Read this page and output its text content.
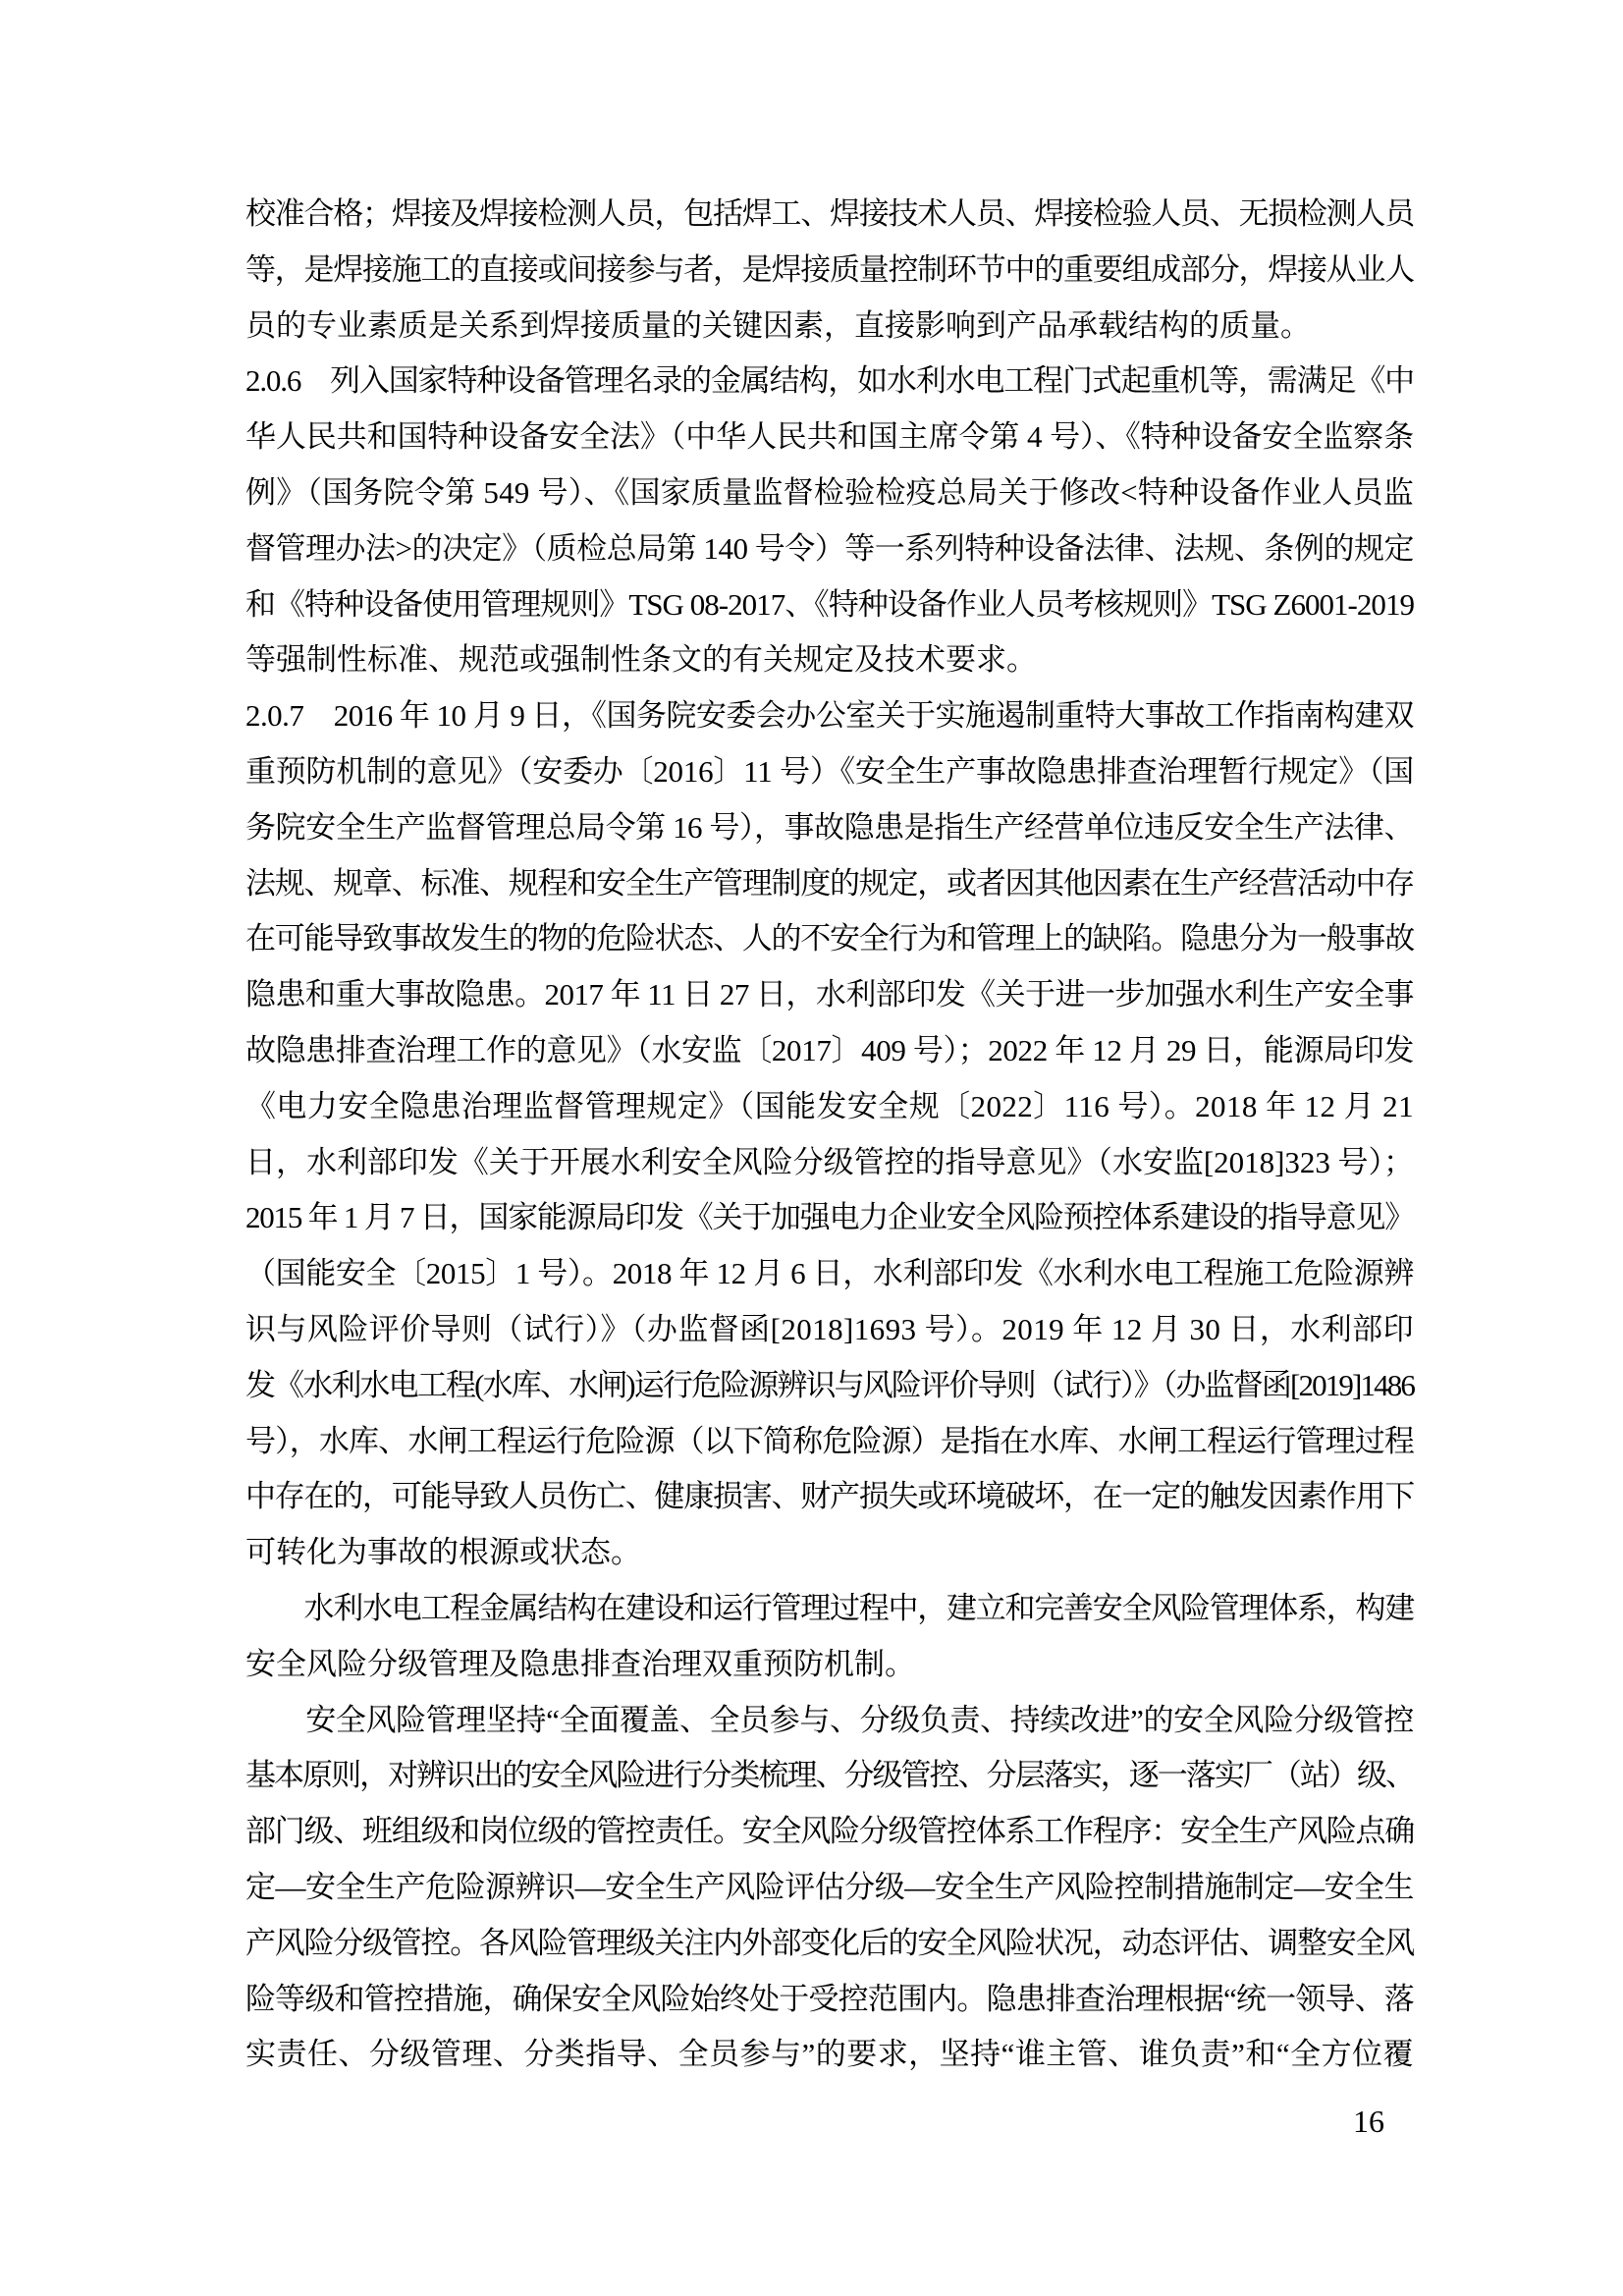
校准合格；焊接及焊接检测人员，包括焊工、焊接技术人员、焊接检验人员、无损检测人员
等，是焊接施工的直接或间接参与者，是焊接质量控制环节中的重要组成部分，焊接从业人
员的专业素质是关系到焊接质量的关键因素，直接影响到产品承载结构的质量。
2.0.6　列入国家特种设备管理名录的金属结构，如水利水电工程门式起重机等，需满足《中
华人民共和国特种设备安全法》（中华人民共和国主席令第 4 号）、《特种设备安全监察条
例》（国务院令第 549 号）、《国家质量监督检验检疫总局关于修改<特种设备作业人员监
督管理办法>的决定》（质检总局第 140 号令）等一系列特种设备法律、法规、条例的规定
和《特种设备使用管理规则》TSG 08-2017、《特种设备作业人员考核规则》TSG Z6001-2019
等强制性标准、规范或强制性条文的有关规定及技术要求。
2.0.7　2016 年 10 月 9 日，《国务院安委会办公室关于实施遏制重特大事故工作指南构建双
重预防机制的意见》（安委办〔2016〕11 号）《安全生产事故隐患排查治理暂行规定》（国
务院安全生产监督管理总局令第 16 号），事故隐患是指生产经营单位违反安全生产法律、
法规、规章、标准、规程和安全生产管理制度的规定，或者因其他因素在生产经营活动中存
在可能导致事故发生的物的危险状态、人的不安全行为和管理上的缺陷。隐患分为一般事故
隐患和重大事故隐患。2017 年 11 日 27 日，水利部印发《关于进一步加强水利生产安全事
故隐患排查治理工作的意见》（水安监〔2017〕409 号）；2022 年 12 月 29 日，能源局印发
《电力安全隐患治理监督管理规定》（国能发安全规〔2022〕116 号）。2018 年 12 月 21
日，水利部印发《关于开展水利安全风险分级管控的指导意见》（水安监[2018]323 号）；
2015 年 1 月 7 日，国家能源局印发《关于加强电力企业安全风险预控体系建设的指导意见》
（国能安全〔2015〕1 号）。2018 年 12 月 6 日，水利部印发《水利水电工程施工危险源辨
识与风险评价导则（试行）》（办监督函[2018]1693 号）。2019 年 12 月 30 日，水利部印
发《水利水电工程(水库、水闸)运行危险源辨识与风险评价导则（试行）》（办监督函[2019]1486
号），水库、水闸工程运行危险源（以下简称危险源）是指在水库、水闸工程运行管理过程
中存在的，可能导致人员伤亡、健康损害、财产损失或环境破坏，在一定的触发因素作用下
可转化为事故的根源或状态。
　　水利水电工程金属结构在建设和运行管理过程中，建立和完善安全风险管理体系，构建
安全风险分级管理及隐患排查治理双重预防机制。
　　安全风险管理坚持“全面覆盖、全员参与、分级负责、持续改进”的安全风险分级管控
基本原则，对辨识出的安全风险进行分类梳理、分级管控、分层落实，逐一落实厂（站）级、
部门级、班组级和岗位级的管控责任。安全风险分级管控体系工作程序：安全生产风险点确
定—安全生产危险源辨识—安全生产风险评估分级—安全生产风险控制措施制定—安全生
产风险分级管控。各风险管理级关注内外部变化后的安全风险状况，动态评估、调整安全风
险等级和管控措施，确保安全风险始终处于受控范围内。隐患排查治理根据“统一领导、落
实责任、分级管理、分类指导、全员参与”的要求，坚持“谁主管、谁负责”和“全方位覆
16
